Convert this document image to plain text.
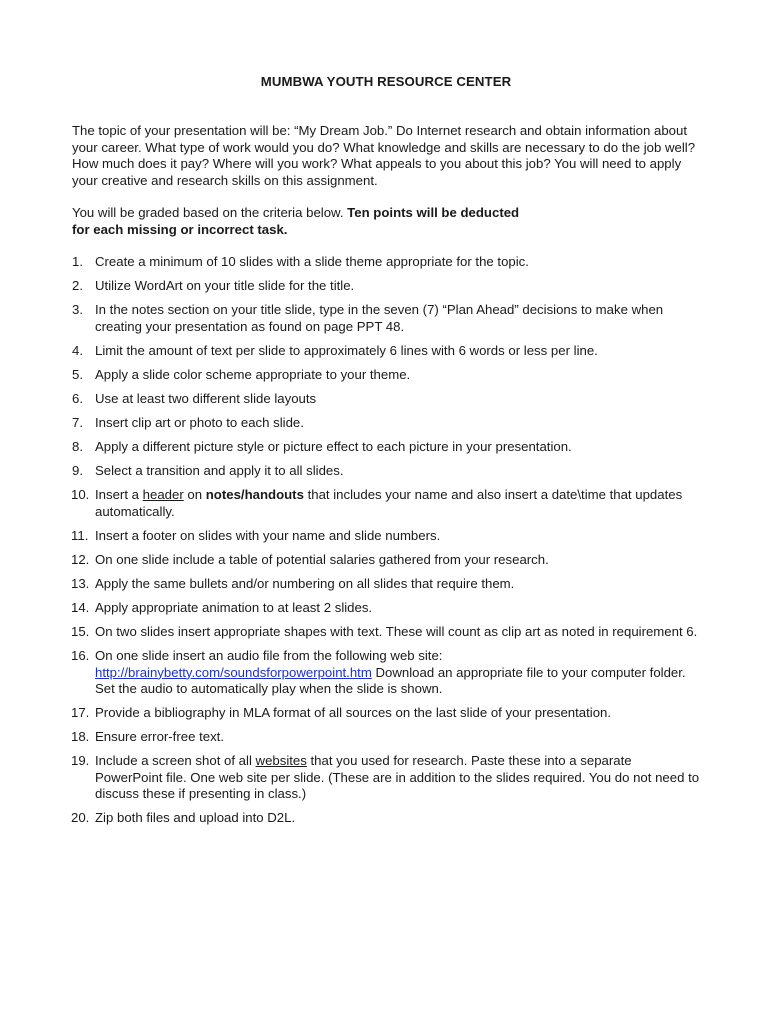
MUMBWA YOUTH RESOURCE CENTER

The topic of your presentation will be: “My Dream Job.” Do Internet research and obtain information about your career. What type of work would you do? What knowledge and skills are necessary to do the job well? How much does it pay? Where will you work? What appeals to you about this job? You will need to apply your creative and research skills on this assignment.

You will be graded based on the criteria below. Ten points will be deducted
for each missing or incorrect task.

1. Create a minimum of 10 slides with a slide theme appropriate for the topic.
2. Utilize WordArt on your title slide for the title.
3. In the notes section on your title slide, type in the seven (7) “Plan Ahead” decisions to make when creating your presentation as found on page PPT 48.
4. Limit the amount of text per slide to approximately 6 lines with 6 words or less per line.
5. Apply a slide color scheme appropriate to your theme.
6. Use at least two different slide layouts
7. Insert clip art or photo to each slide.
8. Apply a different picture style or picture effect to each picture in your presentation.
9. Select a transition and apply it to all slides.
10. Insert a header on notes/handouts that includes your name and also insert a date\time that updates automatically.
11. Insert a footer on slides with your name and slide numbers.
12. On one slide include a table of potential salaries gathered from your research.
13. Apply the same bullets and/or numbering on all slides that require them.
14. Apply appropriate animation to at least 2 slides.
15. On two slides insert appropriate shapes with text. These will count as clip art as noted in requirement 6.
16. On one slide insert an audio file from the following web site:
http://brainybetty.com/soundsforpowerpoint.htm Download an appropriate file to your computer folder. Set the audio to automatically play when the slide is shown.
17. Provide a bibliography in MLA format of all sources on the last slide of your presentation.
18. Ensure error-free text.
19. Include a screen shot of all websites that you used for research. Paste these into a separate PowerPoint file. One web site per slide. (These are in addition to the slides required. You do not need to discuss these if presenting in class.)
20. Zip both files and upload into D2L.
